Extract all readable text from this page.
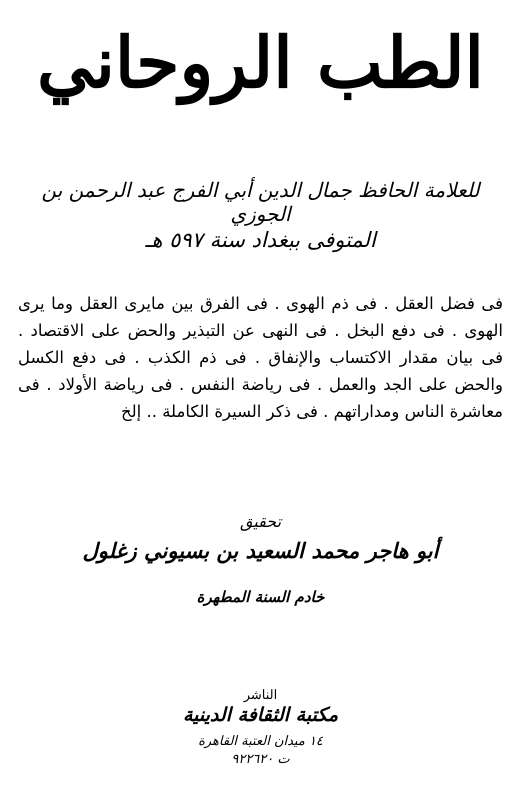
الطب الروحاني
للعلامة الحافظ جمال الدين أبي الفرج عبد الرحمن بن الجوزي
المتوفى ببغداد سنة ٥٩٧ هـ
فى فضل العقل . فى ذم الهوى . فى الفرق بين مايرى العقل وما يرى الهوى . فى دفع البخل . فى النهى عن التبذير والحض على الاقتصاد . فى بيان مقدار الاكتساب والإنفاق . فى ذم الكذب . فى دفع الكسل والحض على الجد والعمل . فى رياضة النفس . فى رياضة الأولاد . فى معاشرة الناس ومداراتهم . فى ذكر السيرة الكاملة .. إلخ
تحقيق
أبو هاجر محمد السعيد بن بسيوني زغلول
خادم السنة المطهرة
الناشر
مكتبة الثقافة الدينية
١٤ ميدان العتبة القاهرة
ت ٩٢٢٦٢٠
